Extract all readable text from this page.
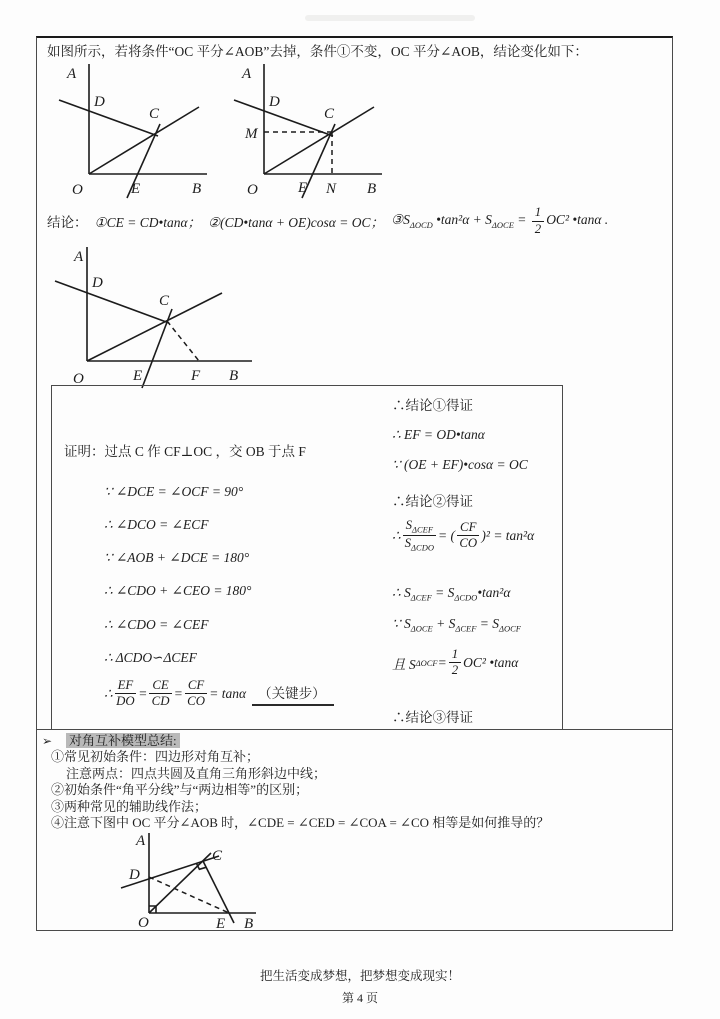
如图所示，若将条件“OC 平分∠AOB”去掉，条件①不变，OC 平分∠AOB，结论变化如下：
A
D
C
O	E	B
A
D
C
M
O	E N B
结论： ①CE = CD•tanα； ②(CD•tanα + OE)cosα = OC； $③S_{\Delta OCD}$ •tan²α + $S_{\Delta OCE} = \frac{1}{2} OC^2$ •tanα .
A
D
C
O	E	F B
证明：过点 C 作 CF⊥OC ，交 OB 于点 F
∵ ∠DCE = ∠OCF = 90°
∴ ∠DCO = ∠ECF
∵ ∠AOB + ∠DCE = 180°
∴ ∠CDO + ∠CEO = 180°
∴ ∠CDO = ∠CEF
∴ ΔCDO∽ΔCEF
∴ $\frac{EF}{DO} = \frac{CE}{CD} = \frac{CF}{CO} = \tan\alpha$ （关键步）
∴结论①得证
∴ EF = OD•tanα
∵ (OE + EF)•cosα = OC
∴结论②得证
∴ $\frac{S_{\Delta CEF}}{S_{\Delta CDO}}$ = ( $\frac{CF}{CO} )^2 = \tan^2\alpha$
∴ $S_{\Delta CEF}$ = $S_{\Delta CDO}•\tan^2\alpha$
∵ $S_{\Delta OCE} + S_{\Delta CEF} = S_{\Delta OCF}$
且 S $\Delta OCF = \frac{1}{2} OC^2$ •tanα
∴结论③得证
➢ 对角互补模型总结:
①常见初始条件：四边形对角互补；
注意两点：四点共圆及直角三角形斜边中线；
②初始条件“角平分线”与“两边相等”的区别；
③两种常见的辅助线作法；
④注意下图中 OC 平分∠AOB 时，∠CDE = ∠CED = ∠COA = ∠CO 相等是如何推导的？
A
D
C
O	E B
把生活变成梦想，把梦想变成现实！
第 4 页
